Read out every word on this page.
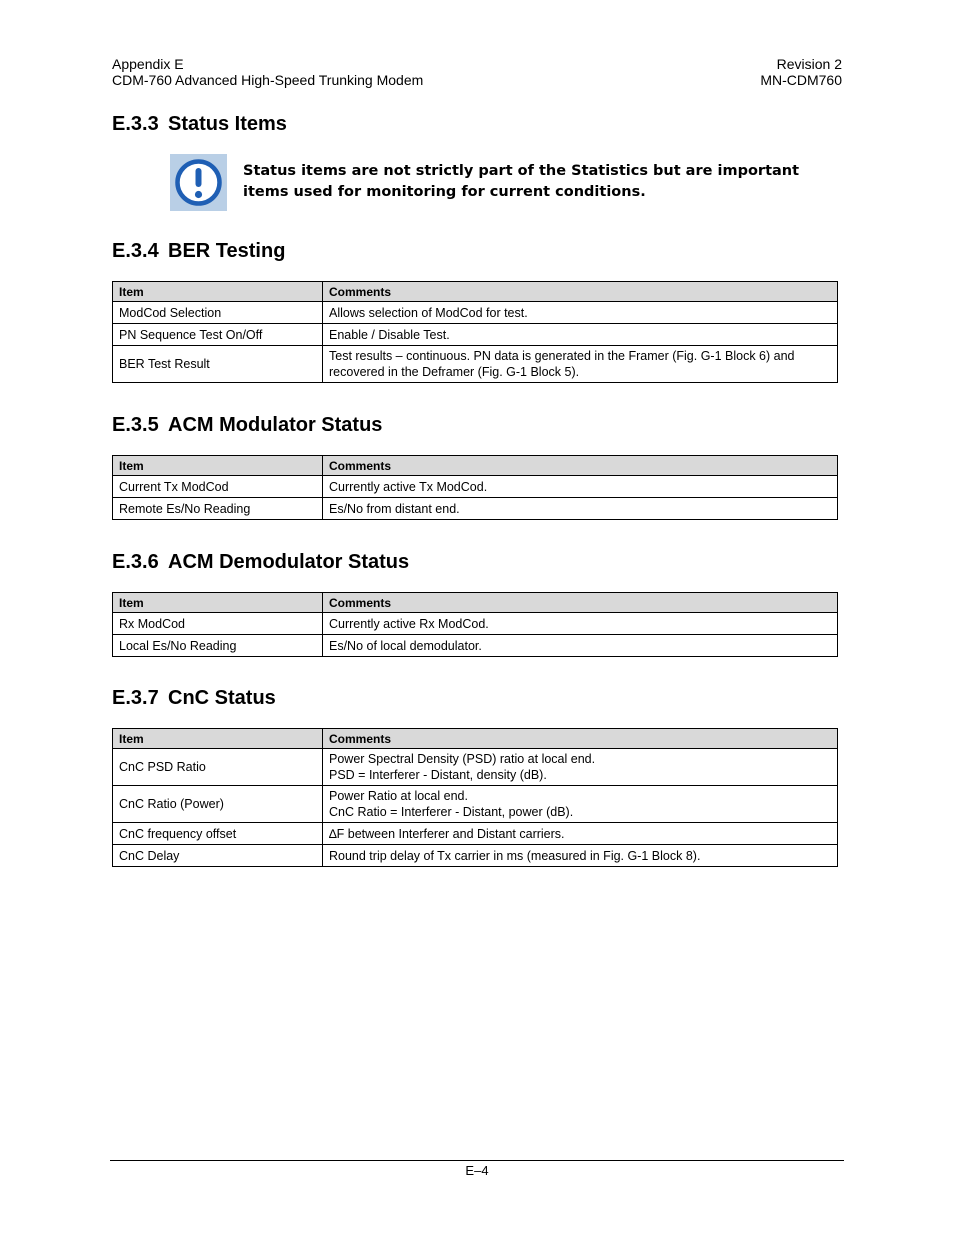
Appendix E
CDM-760 Advanced High-Speed Trunking Modem
Revision 2
MN-CDM760
E.3.3 Status Items
Status items are not strictly part of the Statistics but are important items used for monitoring for current conditions.
E.3.4 BER Testing
Item	Comments
ModCod Selection	Allows selection of ModCod for test.
PN Sequence Test On/Off	Enable / Disable Test.
BER Test Result	Test results – continuous. PN data is generated in the Framer (Fig. G-1 Block 6) and recovered in the Deframer (Fig. G-1 Block 5).
E.3.5 ACM Modulator Status
Item	Comments
Current Tx ModCod	Currently active Tx ModCod.
Remote Es/No Reading	Es/No from distant end.
E.3.6 ACM Demodulator Status
Item	Comments
Rx ModCod	Currently active Rx ModCod.
Local Es/No Reading	Es/No of local demodulator.
E.3.7 CnC Status
Item	Comments
CnC PSD Ratio	Power Spectral Density (PSD) ratio at local end.
PSD = Interferer - Distant, density (dB).
CnC Ratio (Power)	Power Ratio at local end.
CnC Ratio = Interferer - Distant, power (dB).
CnC frequency offset	∆F between Interferer and Distant carriers.
CnC Delay	Round trip delay of Tx carrier in ms (measured in Fig. G-1 Block 8).
E–4
